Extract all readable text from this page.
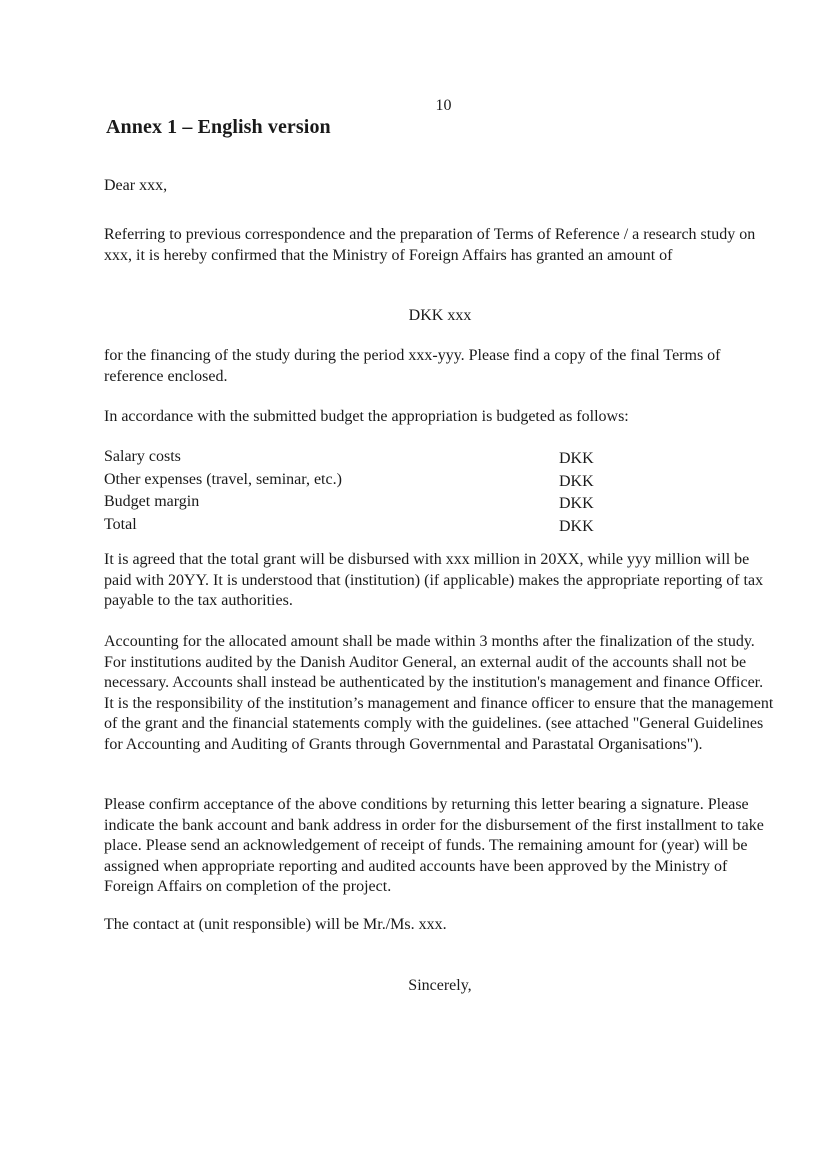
10
Annex 1 – English version

Dear xxx,

Referring to previous correspondence and the preparation of Terms of Reference / a research study on xxx, it is hereby confirmed that the Ministry of Foreign Affairs has granted an amount of

DKK xxx

for the financing of the study during the period xxx-yyy. Please find a copy of the final Terms of reference enclosed.

In accordance with the submitted budget the appropriation is budgeted as follows:

Salary costs	DKK
Other expenses (travel, seminar, etc.)	DKK
Budget margin	DKK
Total	DKK

It is agreed that the total grant will be disbursed with xxx million in 20XX, while yyy million will be paid with 20YY. It is understood that (institution) (if applicable) makes the appropriate reporting of tax payable to the tax authorities.

Accounting for the allocated amount shall be made within 3 months after the finalization of the study. For institutions audited by the Danish Auditor General, an external audit of the accounts shall not be necessary. Accounts shall instead be authenticated by the institution's management and finance Officer. It is the responsibility of the institution’s management and finance officer to ensure that the management of the grant and the financial statements comply with the guidelines. (see attached "General Guidelines for Accounting and Auditing of Grants through Governmental and Parastatal Organisations").

Please confirm acceptance of the above conditions by returning this letter bearing a signature. Please indicate the bank account and bank address in order for the disbursement of the first installment to take place. Please send an acknowledgement of receipt of funds. The remaining amount for (year) will be assigned when appropriate reporting and audited accounts have been approved by the Ministry of Foreign Affairs on completion of the project.

The contact at (unit responsible) will be Mr./Ms. xxx.

Sincerely,
